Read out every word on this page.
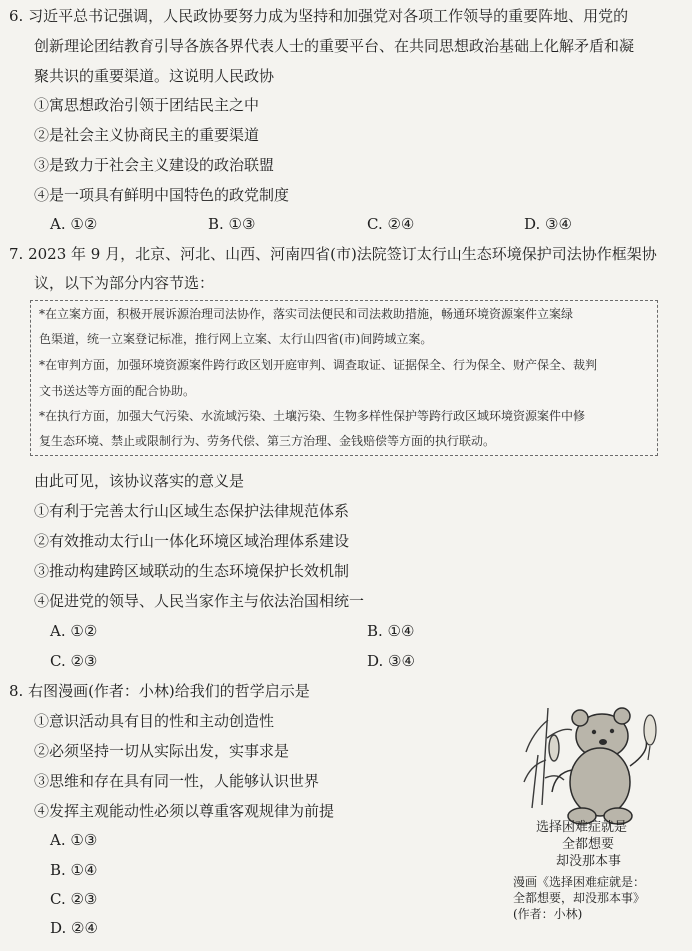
6. 习近平总书记强调，人民政协要努力成为坚持和加强党对各项工作领导的重要阵地、用党的
创新理论团结教育引导各族各界代表人士的重要平台、在共同思想政治基础上化解矛盾和凝
聚共识的重要渠道。这说明人民政协
①寓思想政治引领于团结民主之中
②是社会主义协商民主的重要渠道
③是致力于社会主义建设的政治联盟
④是一项具有鲜明中国特色的政党制度
A. ①②	B. ①③	C. ②④	D. ③④
7. 2023 年 9 月，北京、河北、山西、河南四省(市)法院签订太行山生态环境保护司法协作框架协
议，以下为部分内容节选：
*在立案方面，积极开展诉源治理司法协作，落实司法便民和司法救助措施，畅通环境资源案件立案绿
色渠道，统一立案登记标准，推行网上立案、太行山四省(市)间跨域立案。
*在审判方面，加强环境资源案件跨行政区划开庭审判、调查取证、证据保全、行为保全、财产保全、裁判
文书送达等方面的配合协助。
*在执行方面，加强大气污染、水流域污染、土壤污染、生物多样性保护等跨行政区域环境资源案件中修
复生态环境、禁止或限制行为、劳务代偿、第三方治理、金钱赔偿等方面的执行联动。
由此可见，该协议落实的意义是
①有利于完善太行山区域生态保护法律规范体系
②有效推动太行山一体化环境区域治理体系建设
③推动构建跨区域联动的生态环境保护长效机制
④促进党的领导、人民当家作主与依法治国相统一
A. ①②	B. ①④
C. ②③	D. ③④
8. 右图漫画(作者：小林)给我们的哲学启示是
①意识活动具有目的性和主动创造性
②必须坚持一切从实际出发，实事求是
③思维和存在具有同一性，人能够认识世界
④发挥主观能动性必须以尊重客观规律为前提
A. ①③
B. ①④
C. ②③
D. ②④
选择困难症就是
全都想要
却没那本事
漫画《选择困难症就是：
全都想要，却没那本事》
(作者：小林)
